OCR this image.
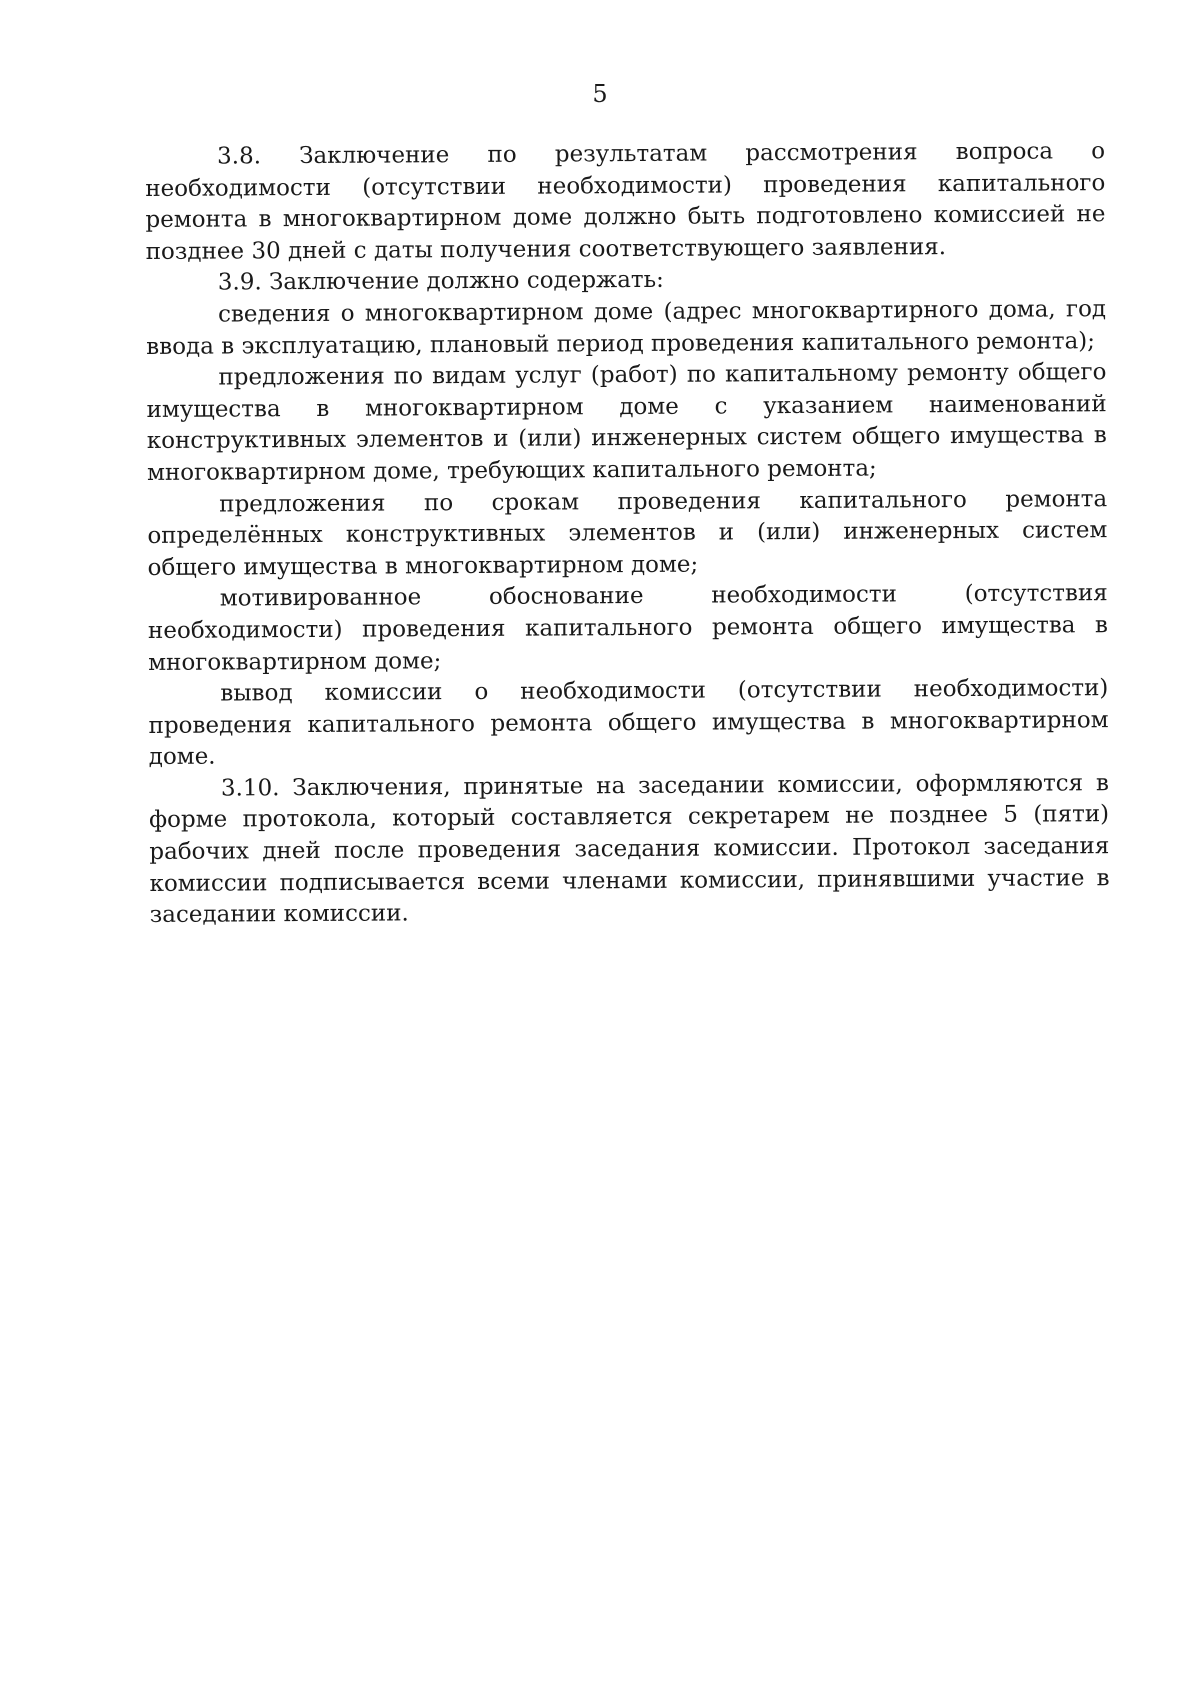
5

3.8. Заключение по результатам рассмотрения вопроса о необходимости (отсутствии необходимости) проведения капитального ремонта в многоквартирном доме должно быть подготовлено комиссией не позднее 30 дней с даты получения соответствующего заявления.

3.9. Заключение должно содержать:

сведения о многоквартирном доме (адрес многоквартирного дома, год ввода в эксплуатацию, плановый период проведения капитального ремонта);

предложения по видам услуг (работ) по капитальному ремонту общего имущества в многоквартирном доме с указанием наименований конструктивных элементов и (или) инженерных систем общего имущества в многоквартирном доме, требующих капитального ремонта;

предложения по срокам проведения капитального ремонта определённых конструктивных элементов и (или) инженерных систем общего имущества в многоквартирном доме;

мотивированное обоснование необходимости (отсутствия необходимости) проведения капитального ремонта общего имущества в многоквартирном доме;

вывод комиссии о необходимости (отсутствии необходимости) проведения капитального ремонта общего имущества в многоквартирном доме.

3.10. Заключения, принятые на заседании комиссии, оформляются в форме протокола, который составляется секретарем не позднее 5 (пяти) рабочих дней после проведения заседания комиссии. Протокол заседания комиссии подписывается всеми членами комиссии, принявшими участие в заседании комиссии.
